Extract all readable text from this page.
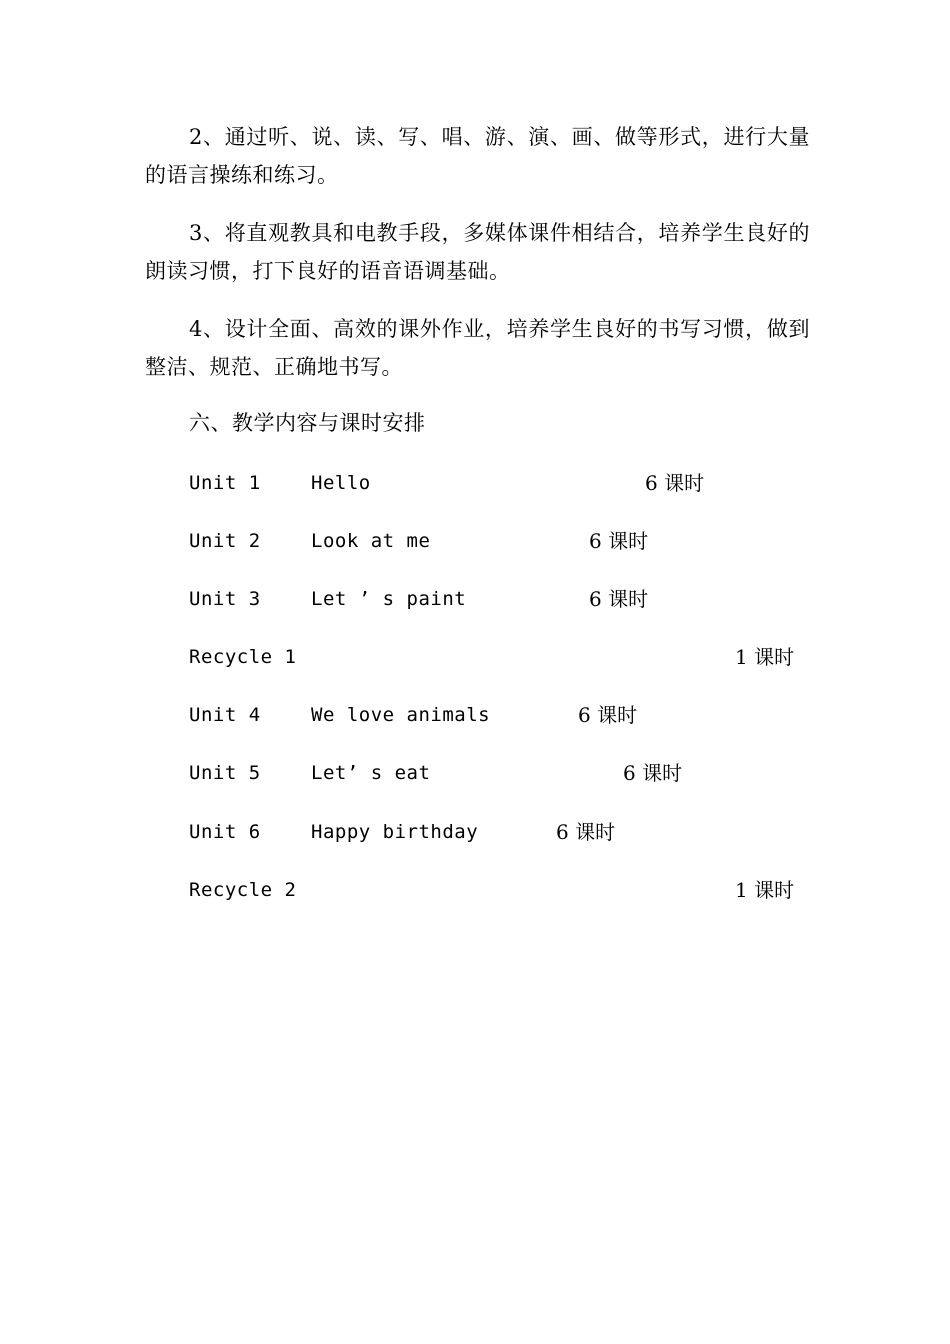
2、通过听、说、读、写、唱、游、演、画、做等形式，进行大量的语言操练和练习。

3、将直观教具和电教手段，多媒体课件相结合，培养学生良好的朗读习惯，打下良好的语音语调基础。

4、设计全面、高效的课外作业，培养学生良好的书写习惯，做到整洁、规范、正确地书写。

六、教学内容与课时安排

Unit 1	Hello	6 课时
Unit 2	Look at me	6 课时
Unit 3	Let ’ s paint	6 课时
Recycle 1	1 课时
Unit 4	We love animals	6 课时
Unit 5	Let’ s eat	6 课时
Unit 6	Happy birthday	6 课时
Recycle 2	1 课时
